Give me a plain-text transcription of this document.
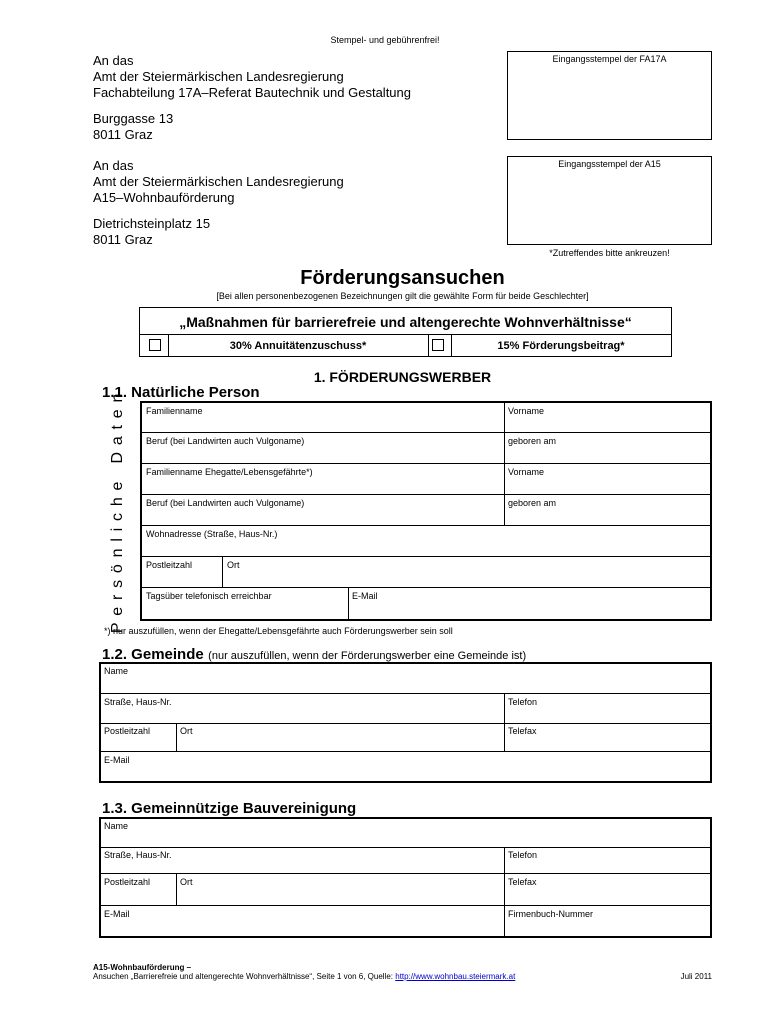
Stempel- und gebührenfrei!
An das
Amt der Steiermärkischen Landesregierung
Fachabteilung 17A–Referat Bautechnik und Gestaltung
Burggasse 13
8011 Graz
An das
Amt der Steiermärkischen Landesregierung
A15–Wohnbauförderung
Dietrichsteinplatz 15
8011 Graz
Eingangsstempel der FA17A
Eingangsstempel der A15
*Zutreffendes bitte ankreuzen!
Förderungsansuchen
[Bei allen personenbezogenen Bezeichnungen gilt die gewählte Form für beide Geschlechter]
„Maßnahmen für barrierefreie und altengerechte Wohnverhältnisse“
30% Annuitätenzuschuss*	15% Förderungsbeitrag*
1. FÖRDERUNGSWERBER
1.1. Natürliche Person
Persönliche Daten Familienname	Vorname
Beruf (bei Landwirten auch Vulgoname)	geboren am
Familienname Ehegatte/Lebensgefährte*)	Vorname
Beruf (bei Landwirten auch Vulgoname)	geboren am
Wohnadresse (Straße, Haus-Nr.)
Postleitzahl	Ort
Tagsüber telefonisch erreichbar	E-Mail
*) nur auszufüllen, wenn der Ehegatte/Lebensgefährte auch Förderungswerber sein soll
1.2. Gemeinde (nur auszufüllen, wenn der Förderungswerber eine Gemeinde ist)
Name
Straße, Haus-Nr.	Telefon
Postleitzahl	Ort	Telefax
E-Mail
1.3. Gemeinnützige Bauvereinigung
Name
Straße, Haus-Nr.	Telefon
Postleitzahl	Ort	Telefax
E-Mail	Firmenbuch-Nummer
A15-Wohnbauförderung –
Ansuchen „Barrierefreie und altengerechte Wohnverhältnisse“, Seite 1 von 6, Quelle: http://www.wohnbau.steiermark.at	Juli 2011
